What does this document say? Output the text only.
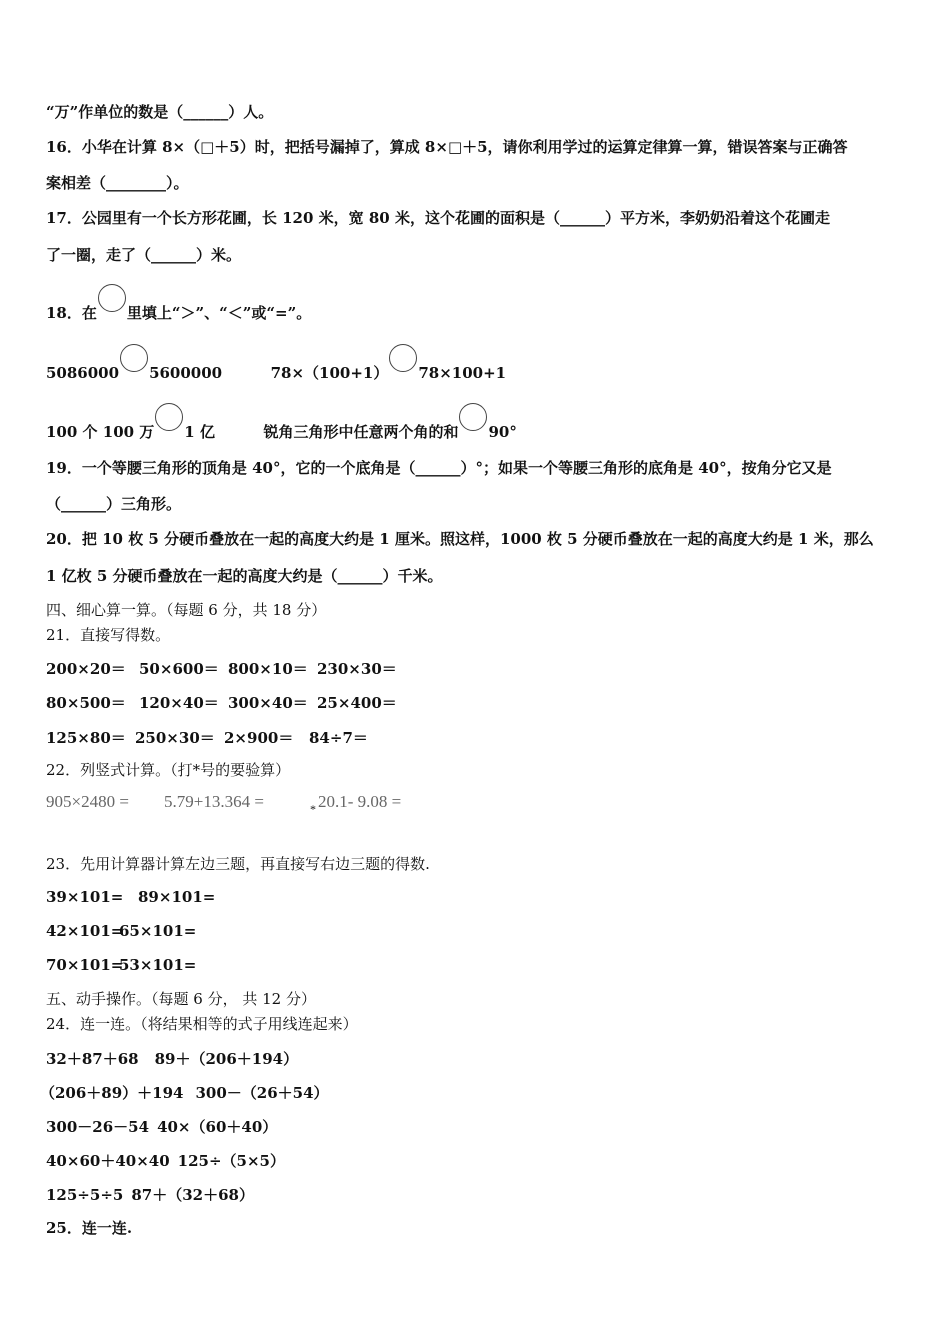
“万”作单位的数是（______）人。
16．小华在计算 8×（□＋5）时，把括号漏掉了，算成 8×□＋5，请你利用学过的运算定律算一算，错误答案与正确答
案相差（________）。
17．公园里有一个长方形花圃，长 120 米，宽 80 米，这个花圃的面积是（______）平方米，李奶奶沿着这个花圃走
了一圈，走了（______）米。
18．在 里填上“＞”、“＜”或“=”。
5086000 5600000	78×（100+1） 78×100+1
100 个 100 万 1 亿	锐角三角形中任意两个角的和 90°
19．一个等腰三角形的顶角是 40°，它的一个底角是（______）°；如果一个等腰三角形的底角是 40°，按角分它又是
（______）三角形。
20．把 10 枚 5 分硬币叠放在一起的高度大约是 1 厘米。照这样，1000 枚 5 分硬币叠放在一起的高度大约是 1 米，那么
1 亿枚 5 分硬币叠放在一起的高度大约是（______）千米。
四、细心算一算。（每题 6 分，共 18 分）
21．直接写得数。
200×20＝ 50×600＝ 800×10＝ 230×30＝
80×500＝ 120×40＝ 300×40＝ 25×400＝
125×80＝ 250×30＝ 2×900＝ 84÷7＝
22．列竖式计算。（打*号的要验算）
905×2480 = 5.79+13.364 =	$_*$ 20.1- 9.08 =
23．先用计算器计算左边三题，再直接写右边三题的得数.
39×101= 89×101=
42×101=65×101=
70×101=53×101=
五、动手操作。（每题 6 分， 共 12 分）
24．连一连。（将结果相等的式子用线连起来）
32＋87＋68 89＋（206＋194）
（206＋89）＋194 300－（26＋54）
300－26－54 40×（60＋40）
40×60＋40×40 125÷（5×5）
125÷5÷5 87＋（32＋68）
25．连一连.
